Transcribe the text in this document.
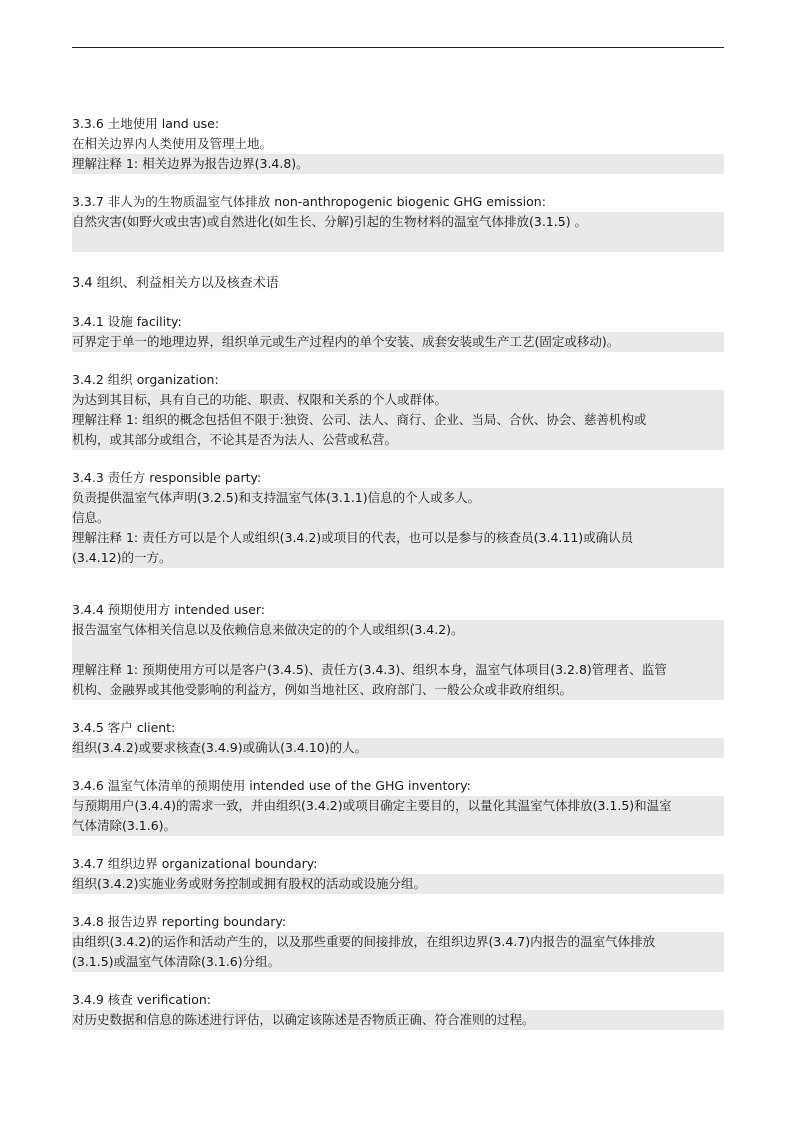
3.3.6 土地使用 land use:

在相关边界内人类使用及管理土地。

理解注释 1: 相关边界为报告边界(3.4.8)。

3.3.7 非人为的生物质温室气体排放 non-anthropogenic biogenic GHG emission:

自然灾害(如野火或虫害)或自然进化(如生长、分解)引起的生物材料的温室气体排放(3.1.5) 。

3.4 组织、利益相关方以及核查术语

3.4.1 设施 facility:

可界定于单一的地理边界，组织单元或生产过程内的单个安装、成套安装或生产工艺(固定或移动)。

3.4.2 组织 organization:

为达到其目标，具有自己的功能、职责、权限和关系的个人或群体。

理解注释 1: 组织的概念包括但不限于:独资、公司、法人、商行、企业、当局、合伙、协会、慈善机构或

机构，或其部分或组合，不论其是否为法人、公营或私营。

3.4.3 责任方 responsible party:

负责提供温室气体声明(3.2.5)和支持温室气体(3.1.1)信息的个人或多人。

信息。

理解注释 1: 责任方可以是个人或组织(3.4.2)或项目的代表，也可以是参与的核查员(3.4.11)或确认员

(3.4.12)的一方。

3.4.4 预期使用方 intended user:

报告温室气体相关信息以及依赖信息来做决定的的个人或组织(3.4.2)。

理解注释 1: 预期使用方可以是客户(3.4.5)、责任方(3.4.3)、组织本身，温室气体项目(3.2.8)管理者、监管

机构、金融界或其他受影响的利益方，例如当地社区、政府部门、一般公众或非政府组织。

3.4.5 客户 client:

组织(3.4.2)或要求核查(3.4.9)或确认(3.4.10)的人。

3.4.6 温室气体清单的预期使用 intended use of the GHG inventory:

与预期用户(3.4.4)的需求一致，并由组织(3.4.2)或项目确定主要目的，以量化其温室气体排放(3.1.5)和温室

气体清除(3.1.6)。

3.4.7 组织边界 organizational boundary:

组织(3.4.2)实施业务或财务控制或拥有股权的活动或设施分组。

3.4.8 报告边界 reporting boundary:

由组织(3.4.2)的运作和活动产生的，以及那些重要的间接排放，在组织边界(3.4.7)内报告的温室气体排放

(3.1.5)或温室气体清除(3.1.6)分组。

3.4.9 核查 verification:

对历史数据和信息的陈述进行评估，以确定该陈述是否物质正确、符合准则的过程。
